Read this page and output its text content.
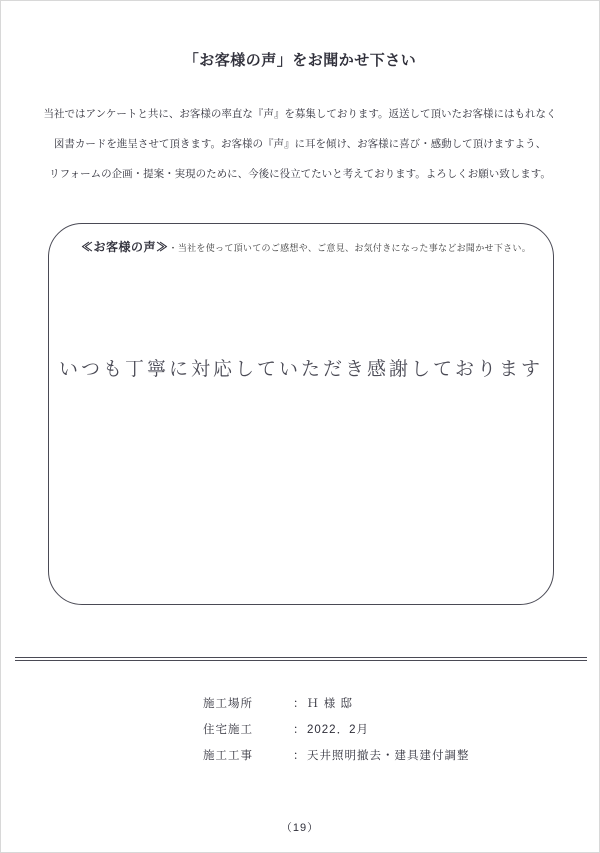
「お客様の声」をお聞かせ下さい
当社ではアンケートと共に、お客様の率直な『声』を募集しております。返送して頂いたお客様にはもれなく
図書カードを進呈させて頂きます。お客様の『声』に耳を傾け、お客様に喜び・感動して頂けますよう、
リフォームの企画・提案・実現のために、今後に役立てたいと考えております。よろしくお願い致します。
≪お客様の声≫・当社を使って頂いてのご感想や、ご意見、お気付きになった事などお聞かせ下さい。
いつも丁寧に対応していただき感謝しております
施工場所	： Ｈ 様 邸
住宅施工	： 2022．2月
施工工事	： 天井照明撤去・建具建付調整
（19）
